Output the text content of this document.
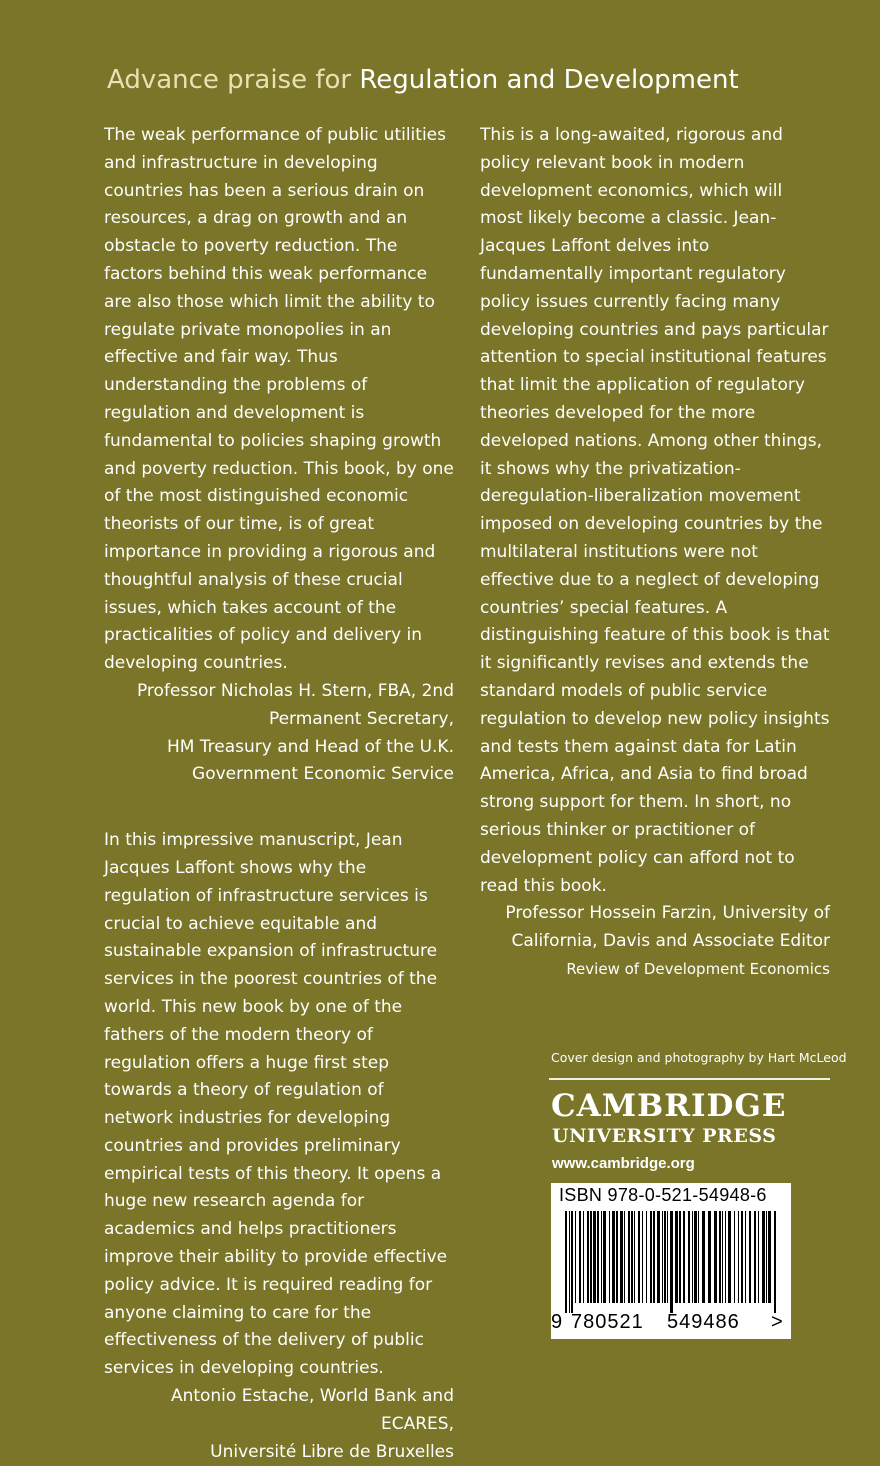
Advance praise for Regulation and Development

The weak performance of public utilities and infrastructure in developing countries has been a serious drain on resources, a drag on growth and an obstacle to poverty reduction. The factors behind this weak performance are also those which limit the ability to regulate private monopolies in an effective and fair way. Thus understanding the problems of regulation and development is fundamental to policies shaping growth and poverty reduction. This book, by one of the most distinguished economic theorists of our time, is of great importance in providing a rigorous and thoughtful analysis of these crucial issues, which takes account of the practicalities of policy and delivery in developing countries.

Professor Nicholas H. Stern, FBA, 2nd
Permanent Secretary,
HM Treasury and Head of the U.K.
Government Economic Service

In this impressive manuscript, Jean Jacques Laffont shows why the regulation of infrastructure services is crucial to achieve equitable and sustainable expansion of infrastructure services in the poorest countries of the world. This new book by one of the fathers of the modern theory of regulation offers a huge first step towards a theory of regulation of network industries for developing countries and provides preliminary empirical tests of this theory. It opens a huge new research agenda for academics and helps practitioners improve their ability to provide effective policy advice. It is required reading for anyone claiming to care for the effectiveness of the delivery of public services in developing countries.

Antonio Estache, World Bank and ECARES,
Université Libre de Bruxelles

This is a long-awaited, rigorous and policy relevant book in modern development economics, which will most likely become a classic. Jean-Jacques Laffont delves into fundamentally important regulatory policy issues currently facing many developing countries and pays particular attention to special institutional features that limit the application of regulatory theories developed for the more developed nations. Among other things, it shows why the privatization-deregulation-liberalization movement imposed on developing countries by the multilateral institutions were not effective due to a neglect of developing countries’ special features. A distinguishing feature of this book is that it significantly revises and extends the standard models of public service regulation to develop new policy insights and tests them against data for Latin America, Africa, and Asia to find broad strong support for them. In short, no serious thinker or practitioner of development policy can afford not to read this book.

Professor Hossein Farzin, University of
California, Davis and Associate Editor
Review of Development Economics
Cover design and photography by Hart McLeod
CAMBRIDGE
UNIVERSITY PRESS
www.cambridge.org
ISBN 978-0-521-54948-6
9 780521 549486 >
